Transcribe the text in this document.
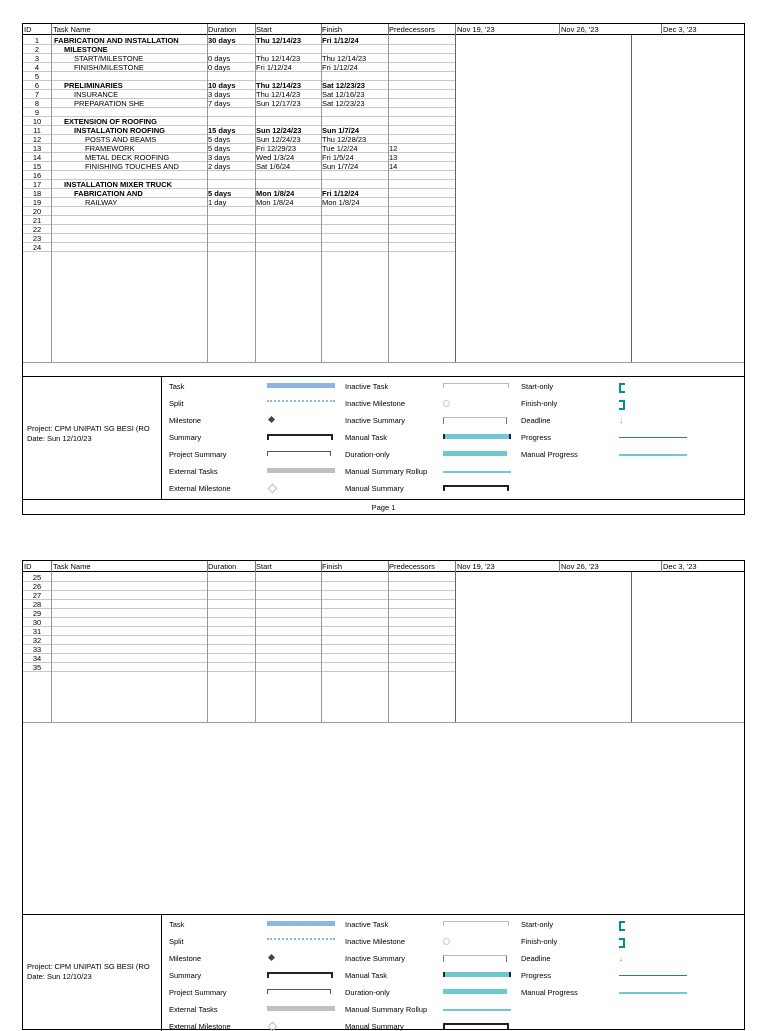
ID	Task Name	Duration	Start	Finish	Predecessors	Nov 19, '23	Nov 26, '23	Dec 3, '23
1	FABRICATION AND INSTALLATION	30 days	Thu 12/14/23	Fri 1/12/24
2	MILESTONE
3	START/MILESTONE	0 days	Thu 12/14/23	Thu 12/14/23
4	FINISH/MILESTONE	0 days	Fri 1/12/24	Fri 1/12/24
5
6	PRELIMINARIES	10 days	Thu 12/14/23	Sat 12/23/23
7	INSURANCE	3 days	Thu 12/14/23	Sat 12/16/23
8	PREPARATION SHE	7 days	Sun 12/17/23	Sat 12/23/23
9
10	EXTENSION OF ROOFING
11	INSTALLATION ROOFING	15 days	Sun 12/24/23	Sun 1/7/24
12	POSTS AND BEAMS	5 days	Sun 12/24/23	Thu 12/28/23
13	FRAMEWORK	5 days	Fri 12/29/23	Tue 1/2/24	12
14	METAL DECK ROOFING	3 days	Wed 1/3/24	Fri 1/5/24	13
15	FINISHING TOUCHES AND	2 days	Sat 1/6/24	Sun 1/7/24	14
16
17	INSTALLATION MIXER TRUCK
18	FABRICATION AND	5 days	Mon 1/8/24	Fri 1/12/24
19	RAILWAY	1 day	Mon 1/8/24	Mon 1/8/24
20
21
22
23
24
Project: CPM UNIPATI SG BESI (RO
Date: Sun 12/10/23
Task
Split
Milestone
Summary
Project Summary
External Tasks
External Milestone
Inactive Task
Inactive Milestone
Inactive Summary
Manual Task
Duration-only
Manual Summary Rollup
Manual Summary
Start-only
Finish-only
Deadline	↓
Progress
Manual Progress
Page 1
ID	Task Name	Duration	Start	Finish	Predecessors	Nov 19, '23	Nov 26, '23	Dec 3, '23
25
26
27
28
29
30
31
32
33
34
35
Project: CPM UNIPATI SG BESI (RO
Date: Sun 12/10/23
Task
Split
Milestone
Summary
Project Summary
External Tasks
External Milestone
Inactive Task
Inactive Milestone
Inactive Summary
Manual Task
Duration-only
Manual Summary Rollup
Manual Summary
Start-only
Finish-only
Deadline	↓
Progress
Manual Progress
